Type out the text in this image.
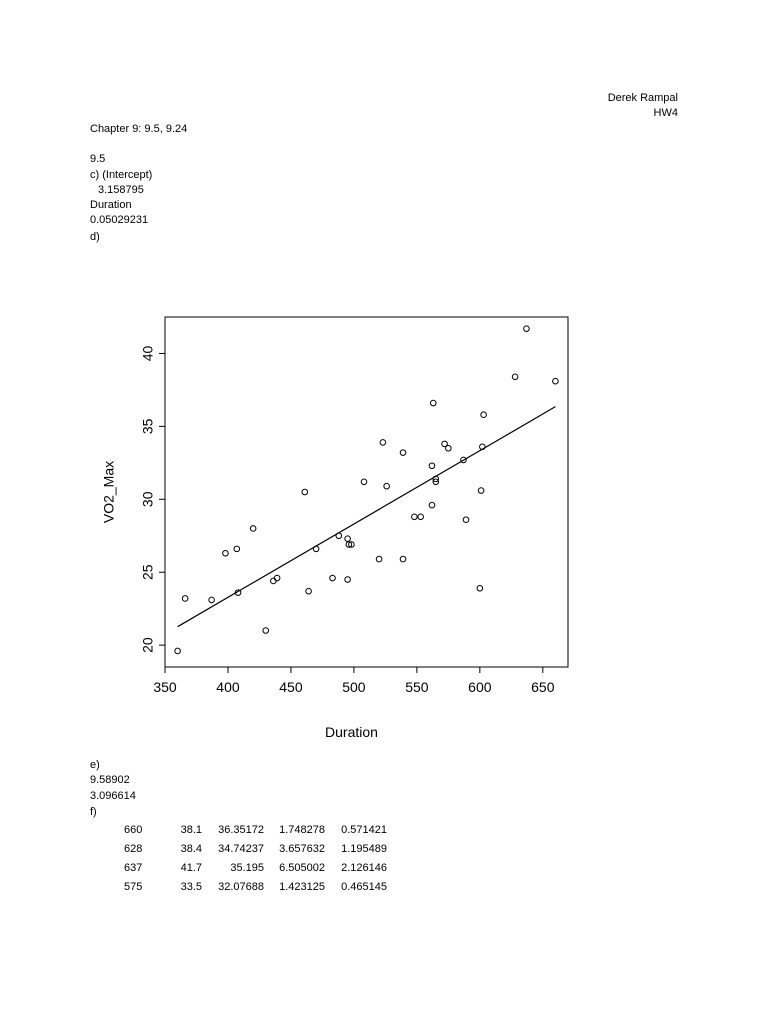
Derek Rampal
HW4
Chapter 9: 9.5, 9.24
9.5
c) (Intercept)
3.158795
Duration
0.05029231
d)
350	400	450	500	550	600	650
20
25
30
35
40
Duration
VO2_Max
e)
9.58902
3.096614
f)
660	38.1 36.35172 1.748278 0.571421
628	38.4 34.74237 3.657632 1.195489
637	41.7	35.195 6.505002 2.126146
575	33.5 32.07688 1.423125 0.465145
